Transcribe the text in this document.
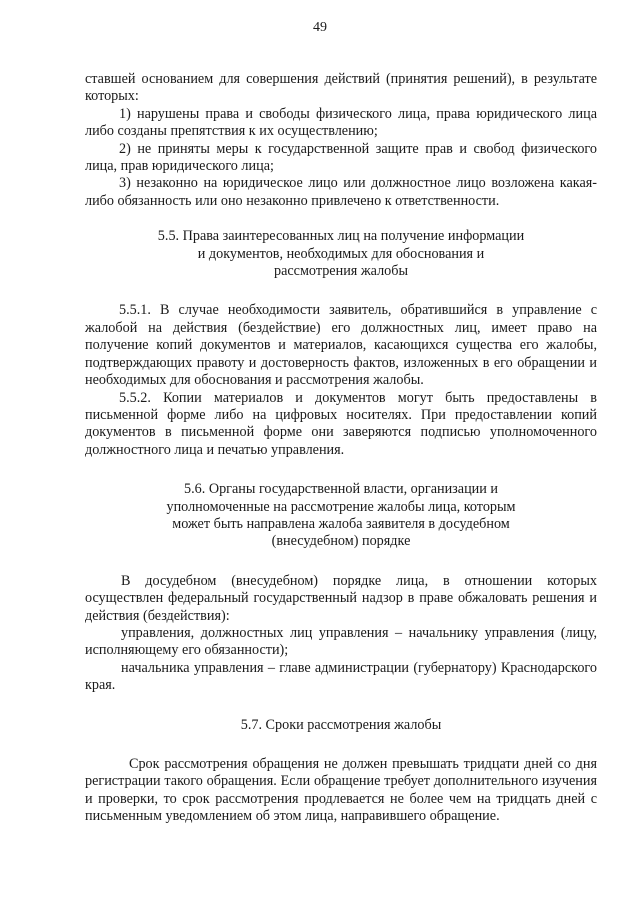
49

ставшей основанием для совершения действий (принятия решений), в результате которых:

1) нарушены права и свободы физического лица, права юридического лица либо созданы препятствия к их осуществлению;

2) не приняты меры к государственной защите прав и свобод физического лица, прав юридического лица;

3) незаконно на юридическое лицо или должностное лицо возложена какая-либо обязанность или оно незаконно привлечено к ответственности.

5.5. Права заинтересованных лиц на получение информации
и документов, необходимых для обоснования и
рассмотрения жалобы

5.5.1. В случае необходимости заявитель, обратившийся в управление с жалобой на действия (бездействие) его должностных лиц, имеет право на получение копий документов и материалов, касающихся существа его жалобы, подтверждающих правоту и достоверность фактов, изложенных в его обращении и необходимых для обоснования и рассмотрения жалобы.

5.5.2. Копии материалов и документов могут быть предоставлены в письменной форме либо на цифровых носителях. При предоставлении копий документов в письменной форме они заверяются подписью уполномоченного должностного лица и печатью управления.

5.6. Органы государственной власти, организации и
уполномоченные на рассмотрение жалобы лица, которым
может быть направлена жалоба заявителя в досудебном
(внесудебном) порядке

В досудебном (внесудебном) порядке лица, в отношении которых осуществлен федеральный государственный надзор в праве обжаловать решения и действия (бездействия):

управления, должностных лиц управления – начальнику управления (лицу, исполняющему его обязанности);

начальника управления – главе администрации (губернатору) Краснодарского края.

5.7. Сроки рассмотрения жалобы

Срок рассмотрения обращения не должен превышать тридцати дней со дня регистрации такого обращения. Если обращение требует дополнительного изучения и проверки, то срок рассмотрения продлевается не более чем на тридцать дней с письменным уведомлением об этом лица, направившего обращение.
